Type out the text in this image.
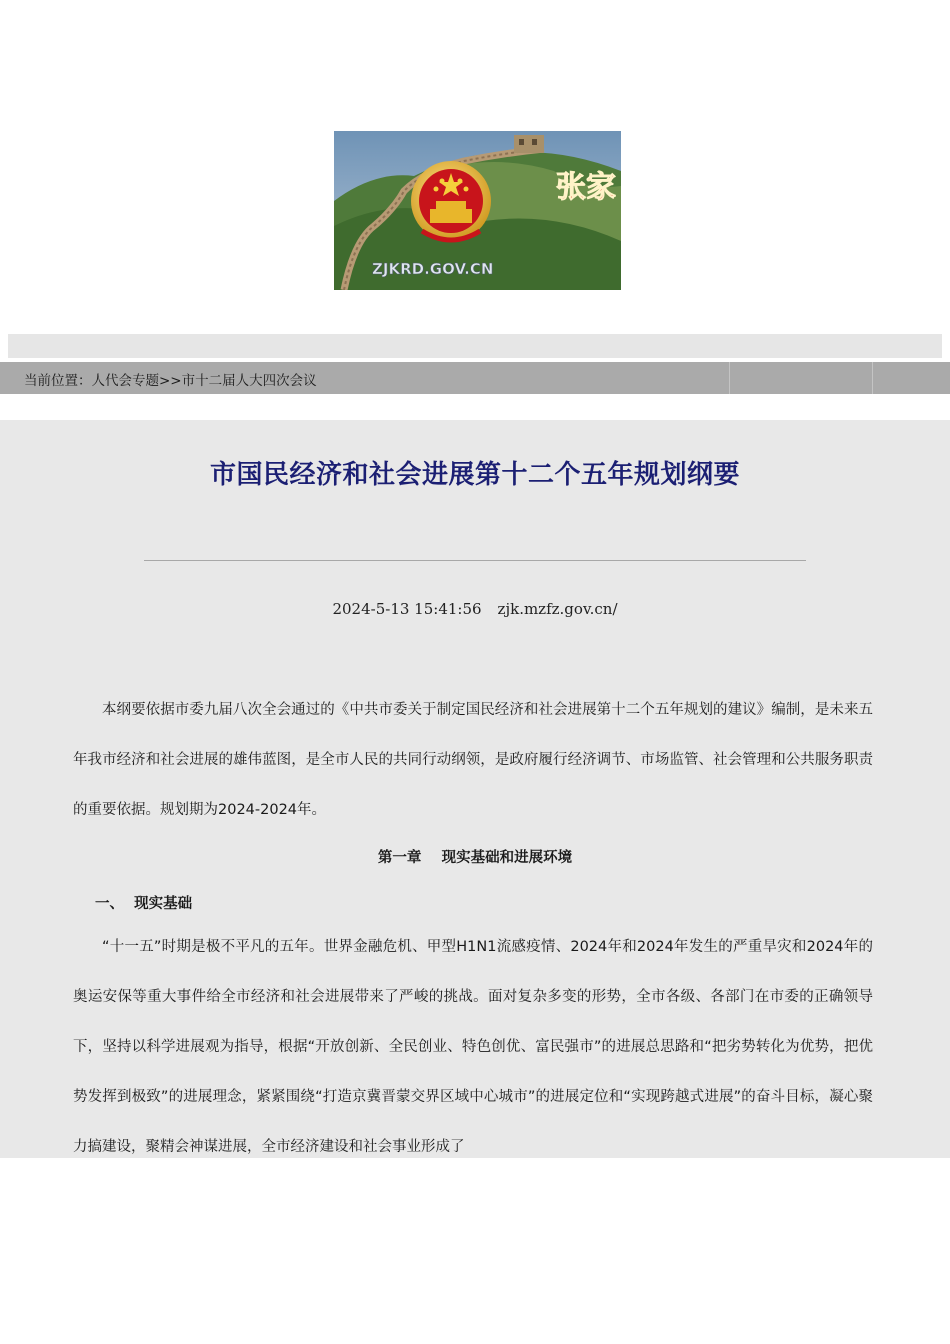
张家
ZJKRD.GOV.CN
当前位置：人代会专题>>市十二届人大四次会议
市国民经济和社会进展第十二个五年规划纲要
2024-5-13 15:41:56 zjk.mzfz.gov.cn/

本纲要依据市委九届八次全会通过的《中共市委关于制定国民经济和社会进展第十二个五年规划的建议》编制，是未来五年我市经济和社会进展的雄伟蓝图，是全市人民的共同行动纲领，是政府履行经济调节、市场监管、社会管理和公共服务职责的重要依据。规划期为2024-2024年。

第一章    现实基础和进展环境
一、  现实基础

“十一五”时期是极不平凡的五年。世界金融危机、甲型H1N1流感疫情、2024年和2024年发生的严重旱灾和2024年的奥运安保等重大事件给全市经济和社会进展带来了严峻的挑战。面对复杂多变的形势，全市各级、各部门在市委的正确领导下，坚持以科学进展观为指导，根据“开放创新、全民创业、特色创优、富民强市”的进展总思路和“把劣势转化为优势，把优势发挥到极致”的进展理念，紧紧围绕“打造京冀晋蒙交界区域中心城市”的进展定位和“实现跨越式进展”的奋斗目标，凝心聚力搞建设，聚精会神谋进展，全市经济建设和社会事业形成了
